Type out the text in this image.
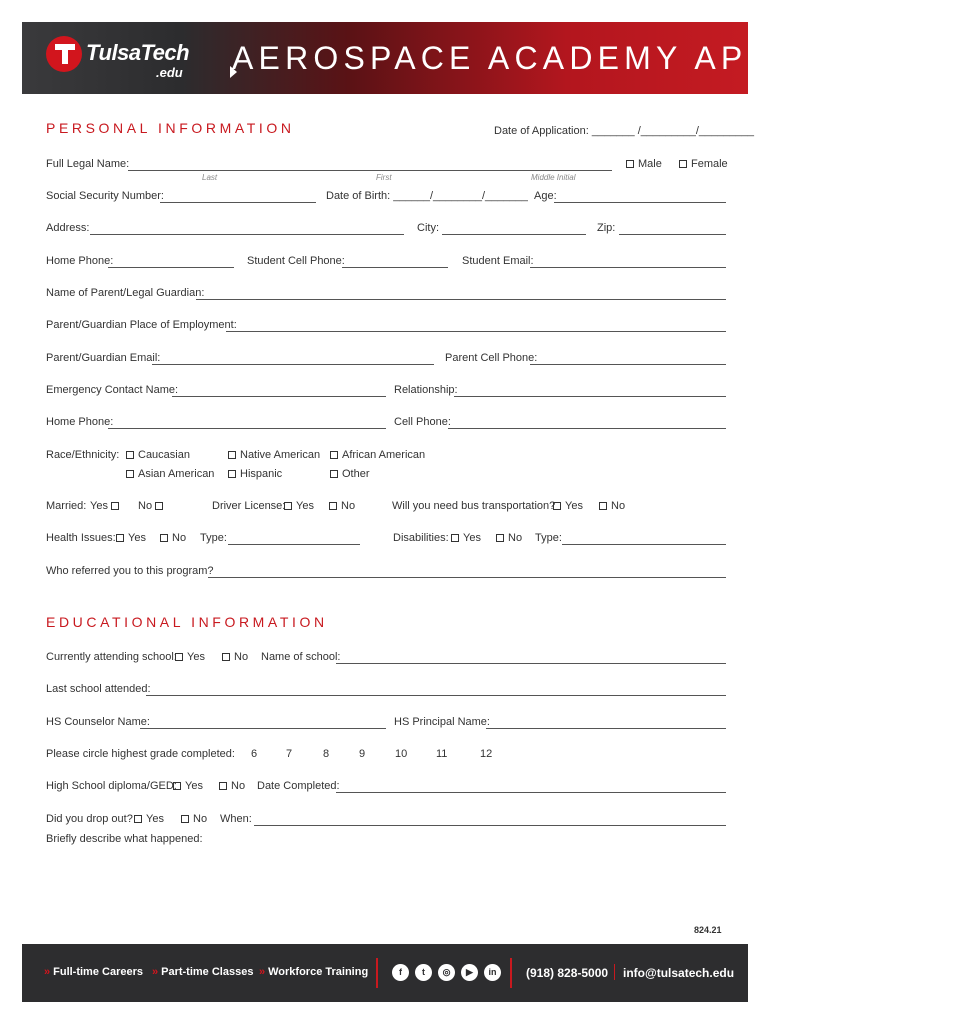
TulsaTech
.edu AEROSPACE ACADEMY APPLICATION
PERSONAL INFORMATION	Date of Application: _______ /_________/_________
Full Legal Name:
Last	First	Middle Initial
Male	Female
Social Security Number:	Date of Birth: ______/________/_______ Age:
Address:	City:	Zip:
Home Phone:	Student Cell Phone:	Student Email:
Name of Parent/Legal Guardian:
Parent/Guardian Place of Employment:
Parent/Guardian Email:	Parent Cell Phone:
Emergency Contact Name:	Relationship:
Home Phone:	Cell Phone:
Race/Ethnicity:	Caucasian	Native American	African American
Asian American	Hispanic	Other
Married: Yes	No	Driver License: Yes	No	Will you need bus transportation? Yes	No
Health Issues:	Yes	No Type:	Disabilities:	Yes	No Type:
Who referred you to this program?
EDUCATIONAL INFORMATION
Currently attending school: Yes	No Name of school:
Last school attended:
HS Counselor Name:	HS Principal Name:
Please circle highest grade completed: 6	7	8	9	10	11	12
High School diploma/GED: Yes	No Date Completed:
Did you drop out?	Yes	No When:
Briefly describe what happened:
824.21
» Full-time Careers » Part-time Classes » Workforce Training	f	t	◎	▶	in	(918) 828-5000 info@tulsatech.edu
